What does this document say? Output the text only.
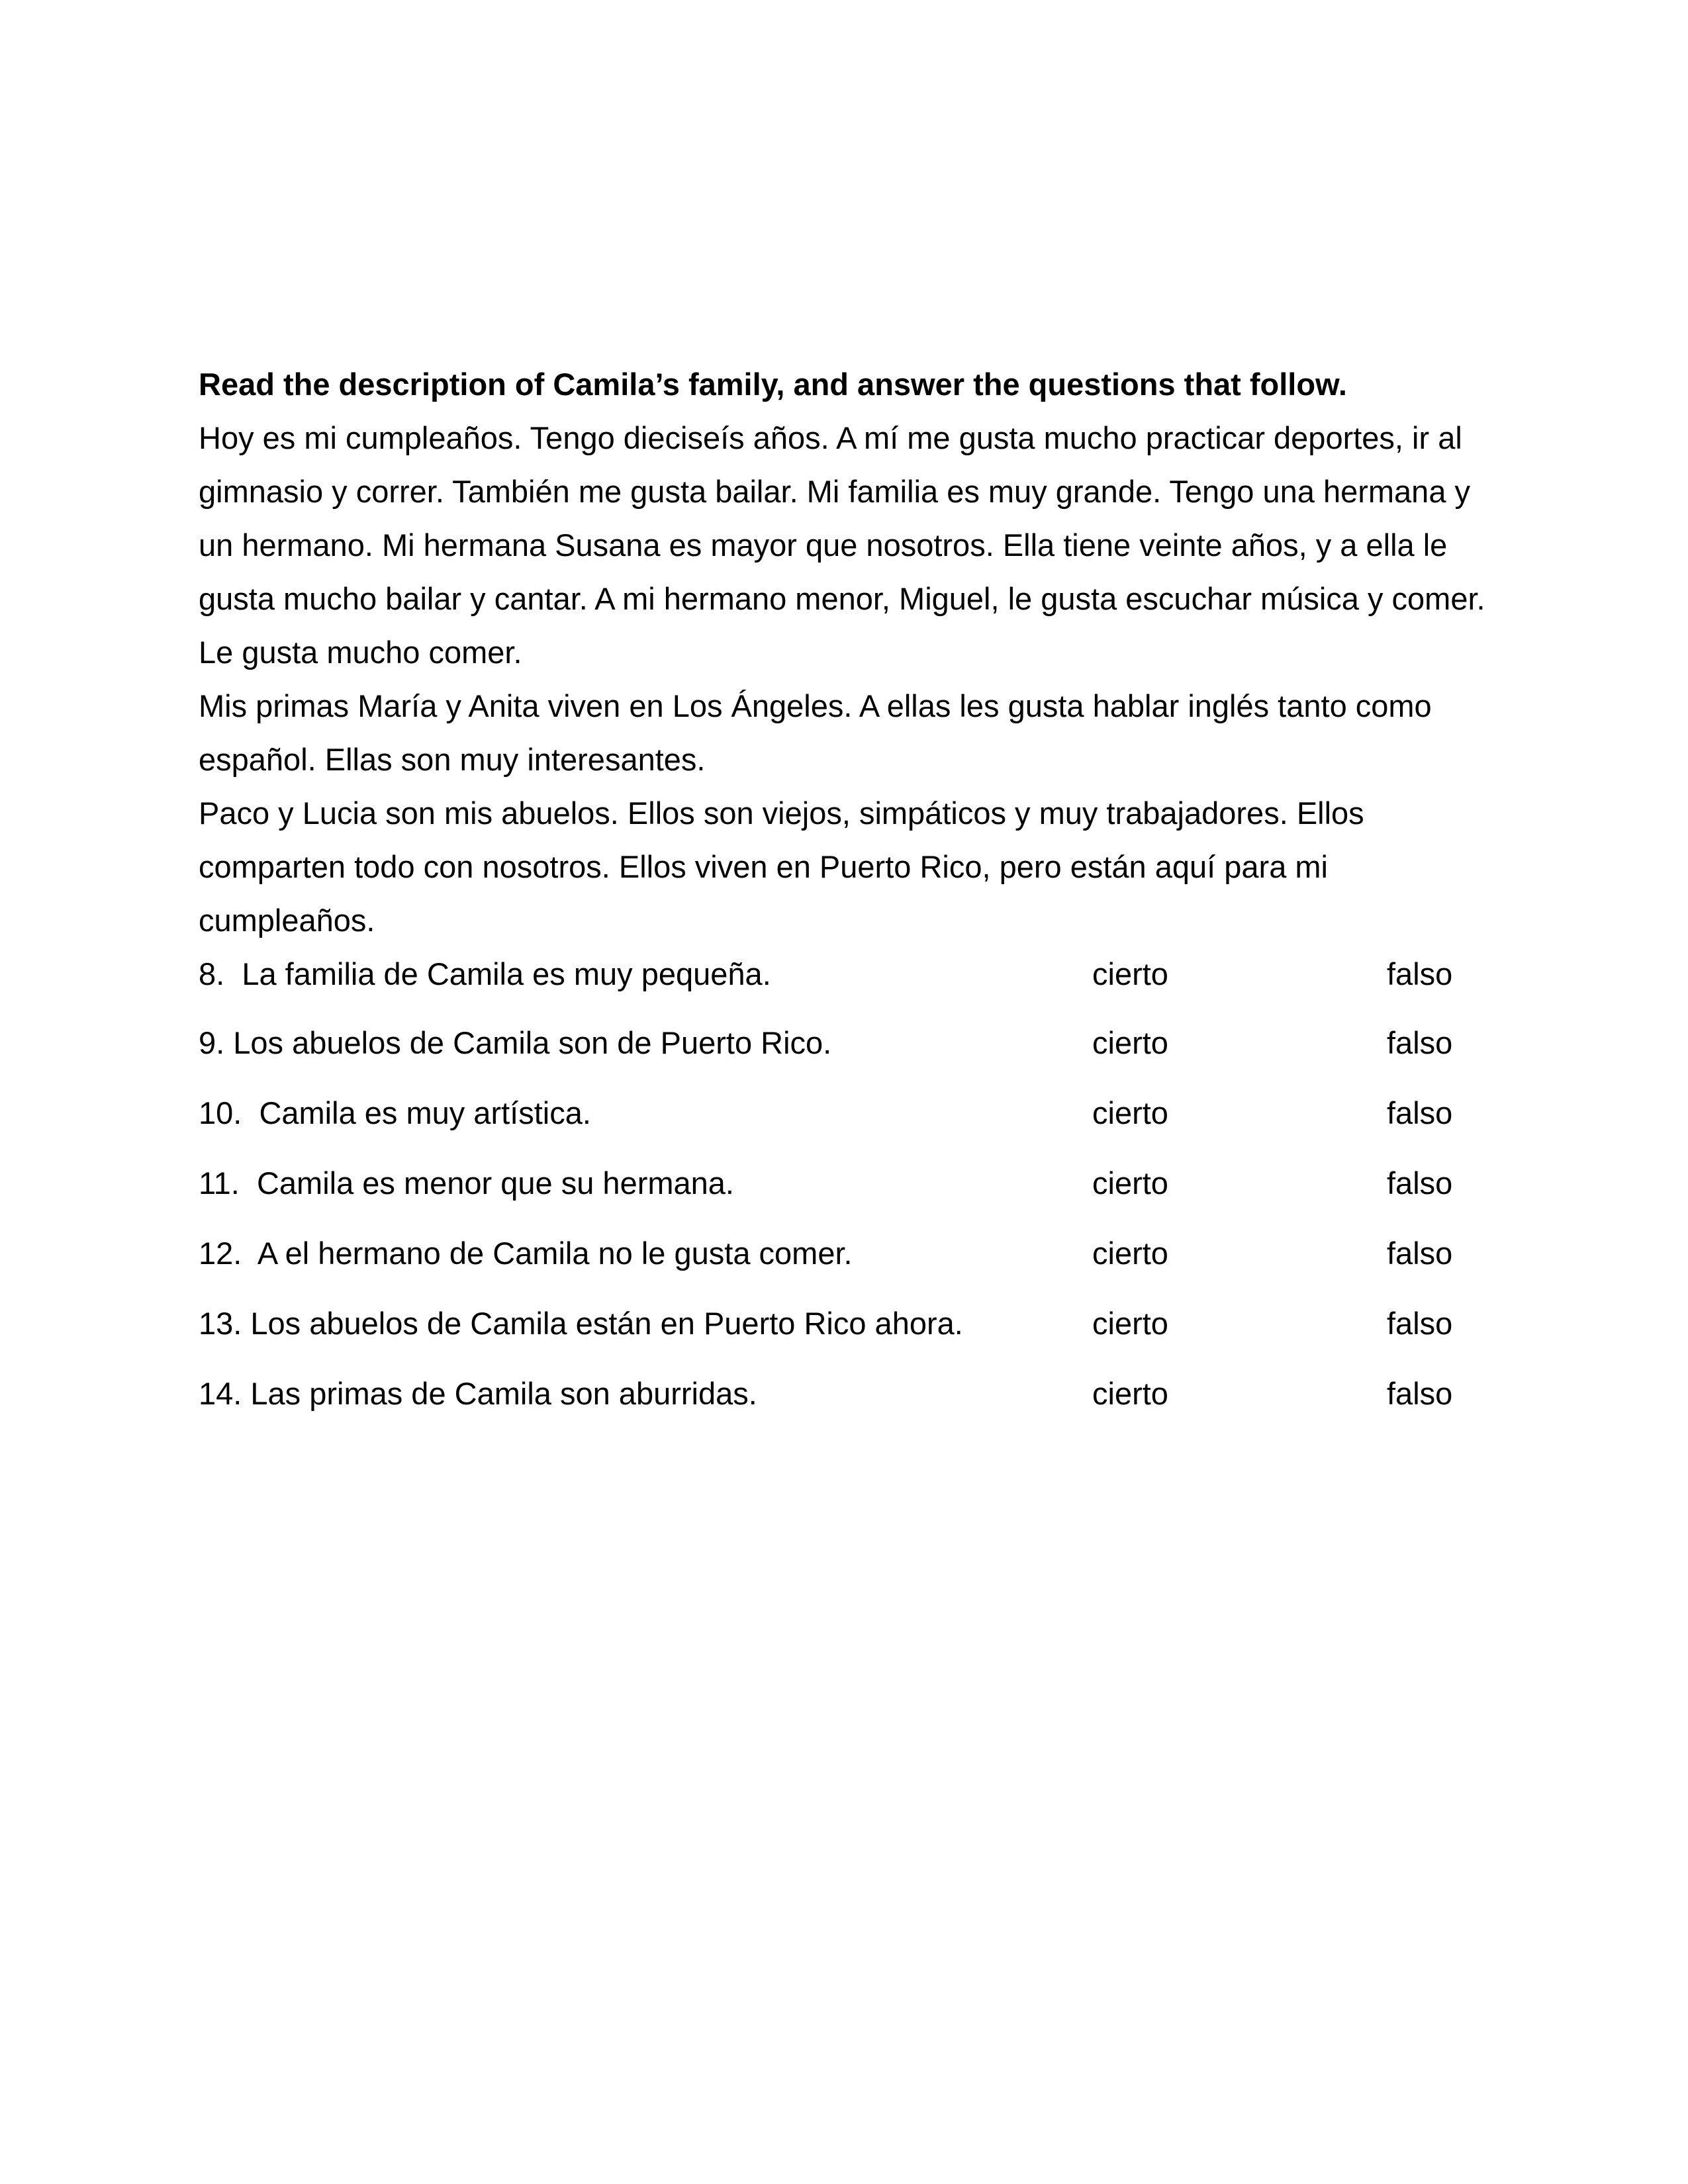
Read the description of Camila’s family, and answer the questions that follow.

Hoy es mi cumpleaños. Tengo dieciseís años. A mí me gusta mucho practicar deportes, ir al gimnasio y correr. También me gusta bailar. Mi familia es muy grande. Tengo una hermana y un hermano. Mi hermana Susana es mayor que nosotros. Ella tiene veinte años, y a ella le gusta mucho bailar y cantar. A mi hermano menor, Miguel, le gusta escuchar música y comer. Le gusta mucho comer.

Mis primas María y Anita viven en Los Ángeles. A ellas les gusta hablar inglés tanto como español. Ellas son muy interesantes.

Paco y Lucia son mis abuelos. Ellos son viejos, simpáticos y muy trabajadores. Ellos comparten todo con nosotros. Ellos viven en Puerto Rico, pero están aquí para mi cumpleaños.

8.  La familia de Camila es muy pequeña.	cierto	falso
9. Los abuelos de Camila son de Puerto Rico.	cierto	falso
10.  Camila es muy artística.	cierto	falso
11.  Camila es menor que su hermana.	cierto	falso
12.  A el hermano de Camila no le gusta comer.	cierto	falso
13. Los abuelos de Camila están en Puerto Rico ahora.	cierto	falso
14. Las primas de Camila son aburridas.	cierto	falso
